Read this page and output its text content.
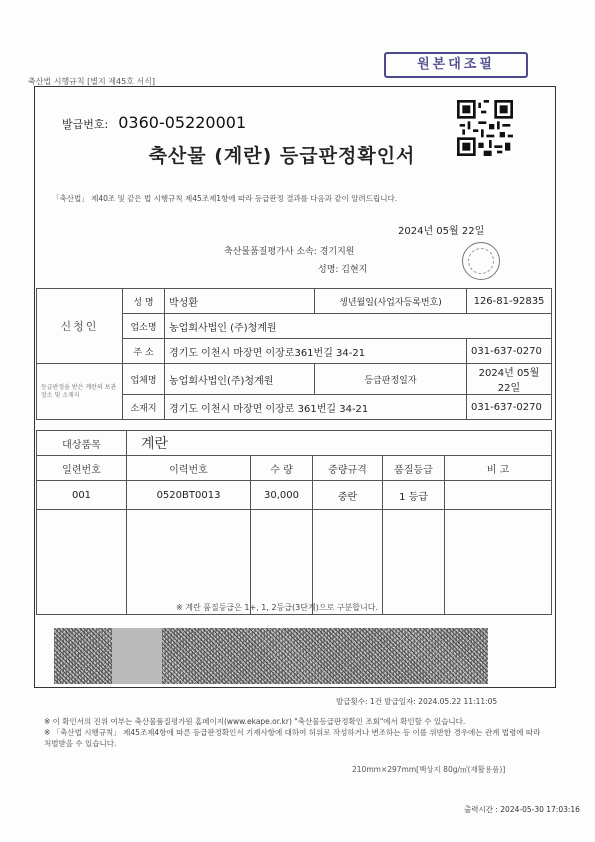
축산법 시행규칙 [별지 제45호 서식]
원본대조필
발급번호: 0360-05220001
축산물 (계란) 등급판정확인서
「축산법」 제40조 및 같은 법 시행규칙 제45조제1항에 따라 등급판정 결과를 다음과 같이 알려드립니다.
2024년 05월 22일
축산물품질평가사 소속: 경기지원
성명: 김현지
신청인	성 명	박성환	생년월일(사업자등록번호)	126-81-92835
	업소명	농업회사법인 (주)청계원		
	주 소	경기도 이천시 마장면 이장로361번길 34-21		031-637-0270
등급판정을 받은 계란의 보관장소 및 소재지	업체명	농업회사법인(주)청계원	등급판정일자	2024년 05월 22일
	소재지	경기도 이천시 마장면 이장로 361번길 34-21		031-637-0270
대상품목	계란				
일련번호	이력번호	수 량	중량규격	품질등급	비 고
001	0520BT0013	30,000	중란	1 등급	

※ 계란 품질등급은 1+, 1, 2등급(3단계)으로 구분합니다.
발급횟수: 1건 발급일자: 2024.05.22 11:11:05
※ 이 확인서의 진위 여부는 축산물품질평가원 홈페이지(www.ekape.or.kr) "축산물등급판정확인 조회"에서 확인할 수 있습니다.
※ 「축산법 시행규칙」 제45조제4항에 따른 등급판정확인서 기재사항에 대하여 허위로 작성하거나 변조하는 등 이를 위반한 경우에는 관계 법령에 따라 처벌받을 수 있습니다.
210mm×297mm[백상지 80g/㎡(재활용품)]
출력시간 : 2024-05-30 17:03:16
